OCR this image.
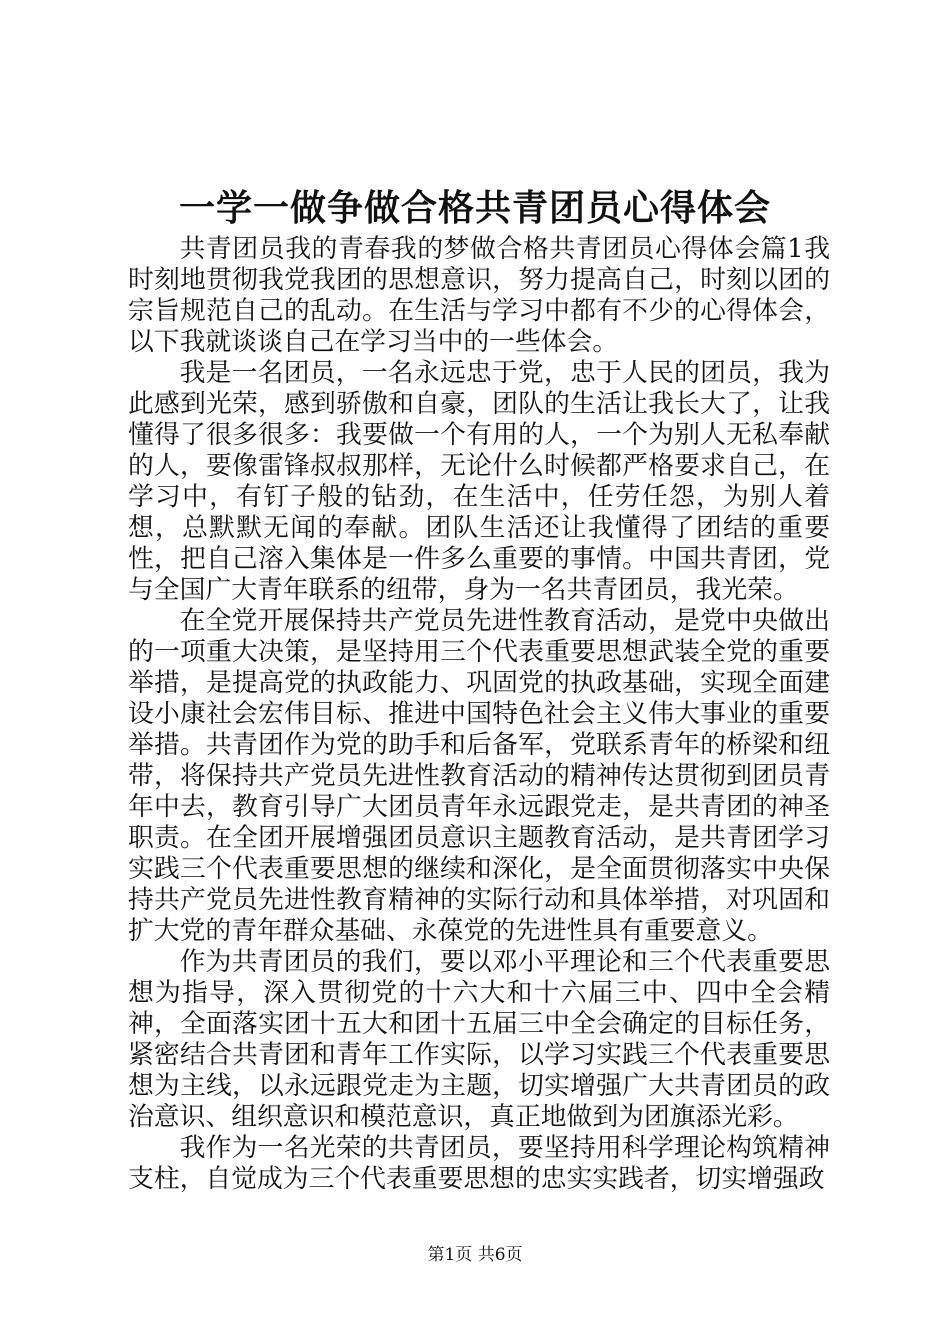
一学一做争做合格共青团员心得体会

共青团员我的青春我的梦做合格共青团员心得体会篇1我时刻地贯彻我党我团的思想意识，努力提高自己，时刻以团的宗旨规范自己的乱动。在生活与学习中都有不少的心得体会，以下我就谈谈自己在学习当中的一些体会。

我是一名团员，一名永远忠于党，忠于人民的团员，我为此感到光荣，感到骄傲和自豪，团队的生活让我长大了，让我懂得了很多很多：我要做一个有用的人，一个为别人无私奉献的人，要像雷锋叔叔那样，无论什么时候都严格要求自己，在学习中，有钉子般的钻劲，在生活中，任劳任怨，为别人着想，总默默无闻的奉献。团队生活还让我懂得了团结的重要性，把自己溶入集体是一件多么重要的事情。中国共青团，党与全国广大青年联系的纽带，身为一名共青团员，我光荣。

在全党开展保持共产党员先进性教育活动，是党中央做出的一项重大决策，是坚持用三个代表重要思想武装全党的重要举措，是提高党的执政能力、巩固党的执政基础，实现全面建设小康社会宏伟目标、推进中国特色社会主义伟大事业的重要举措。共青团作为党的助手和后备军，党联系青年的桥梁和纽带，将保持共产党员先进性教育活动的精神传达贯彻到团员青年中去，教育引导广大团员青年永远跟党走，是共青团的神圣职责。在全团开展增强团员意识主题教育活动，是共青团学习实践三个代表重要思想的继续和深化，是全面贯彻落实中央保持共产党员先进性教育精神的实际行动和具体举措，对巩固和扩大党的青年群众基础、永葆党的先进性具有重要意义。

作为共青团员的我们，要以邓小平理论和三个代表重要思想为指导，深入贯彻党的十六大和十六届三中、四中全会精神，全面落实团十五大和团十五届三中全会确定的目标任务，紧密结合共青团和青年工作实际，以学习实践三个代表重要思想为主线，以永远跟党走为主题，切实增强广大共青团员的政治意识、组织意识和模范意识，真正地做到为团旗添光彩。

我作为一名光荣的共青团员，要坚持用科学理论构筑精神支柱，自觉成为三个代表重要思想的忠实实践者，切实增强政

第1页 共6页
